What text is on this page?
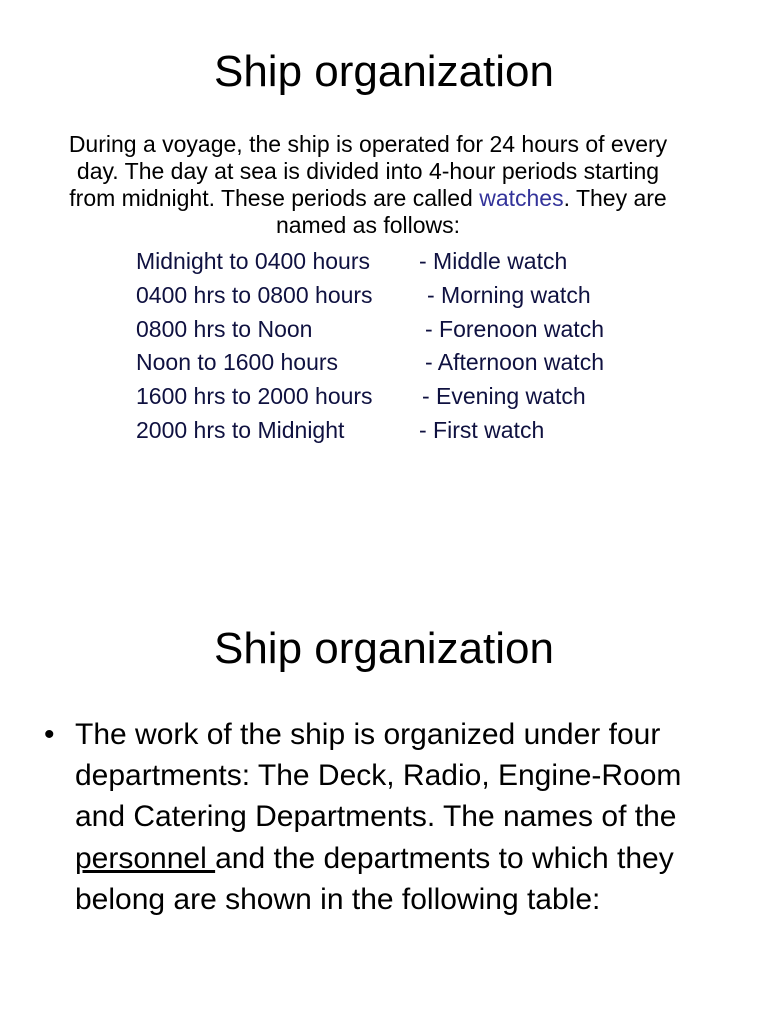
Ship organization

During a voyage, the ship is operated for 24 hours of every day. The day at sea is divided into 4-hour periods starting from midnight. These periods are called watches. They are named as follows:

Midnight to 0400 hours - Middle watch
0400 hrs to 0800 hours - Morning watch
0800 hrs to Noon	- Forenoon watch
Noon to 1600 hours	- Afternoon watch
1600 hrs to 2000 hours - Evening watch
2000 hrs to Midnight	- First watch
Ship organization
• The work of the ship is organized under four departments: The Deck, Radio, Engine-Room and Catering Departments. The names of the personnel and the departments to which they belong are shown in the following table:
